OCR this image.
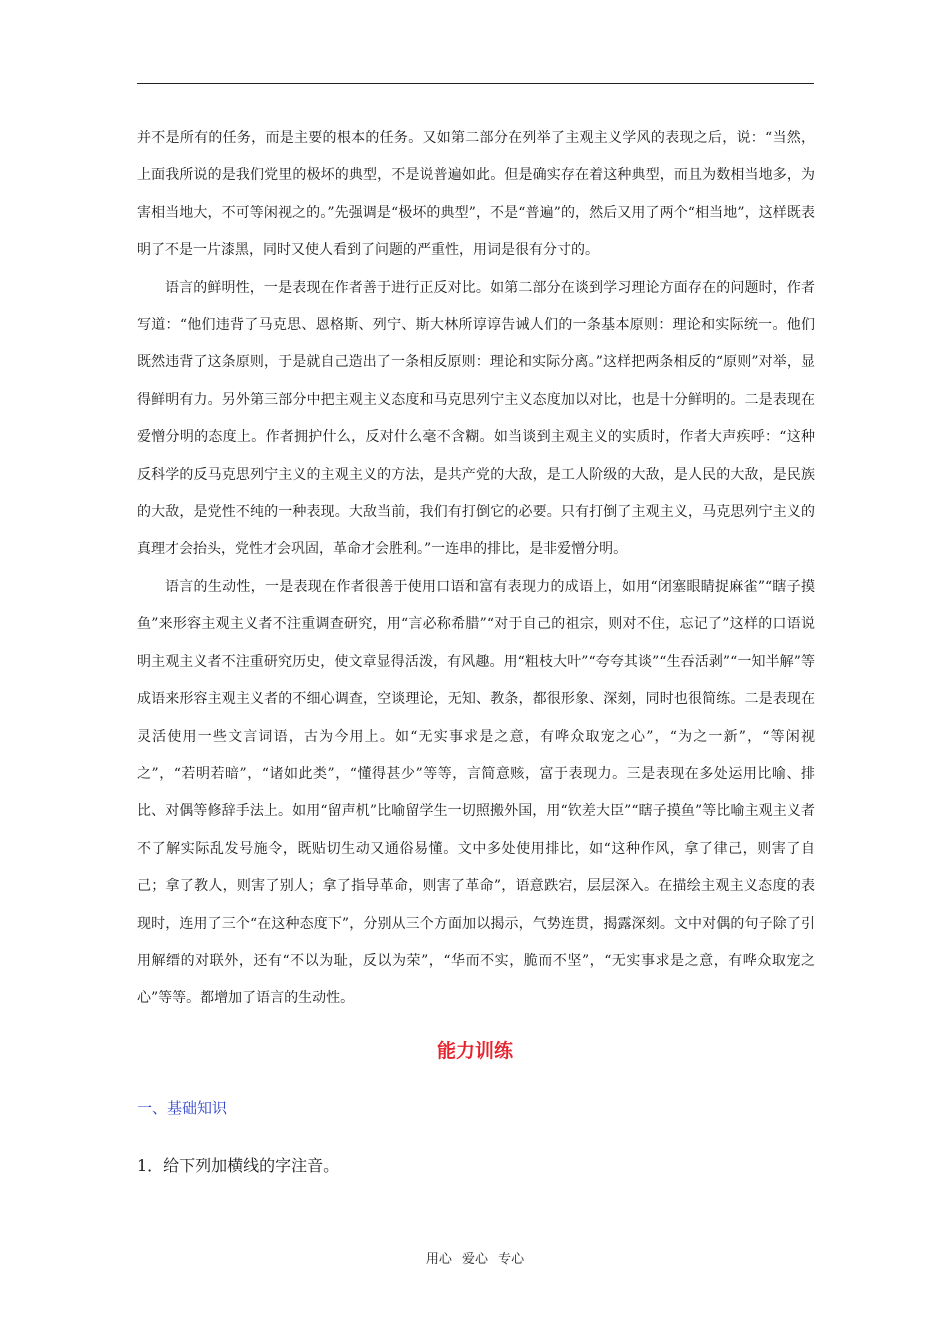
并不是所有的任务，而是主要的根本的任务。又如第二部分在列举了主观主义学风的表现之后，说：“当然，上面我所说的是我们党里的极坏的典型，不是说普遍如此。但是确实存在着这种典型，而且为数相当地多，为害相当地大，不可等闲视之的。”先强调是“极坏的典型”，不是“普遍”的，然后又用了两个“相当地”，这样既表明了不是一片漆黑，同时又使人看到了问题的严重性，用词是很有分寸的。

语言的鲜明性，一是表现在作者善于进行正反对比。如第二部分在谈到学习理论方面存在的问题时，作者写道：“他们违背了马克思、恩格斯、列宁、斯大林所谆谆告诫人们的一条基本原则：理论和实际统一。他们既然违背了这条原则，于是就自己造出了一条相反原则：理论和实际分离。”这样把两条相反的“原则”对举，显得鲜明有力。另外第三部分中把主观主义态度和马克思列宁主义态度加以对比，也是十分鲜明的。二是表现在爱憎分明的态度上。作者拥护什么，反对什么毫不含糊。如当谈到主观主义的实质时，作者大声疾呼：“这种反科学的反马克思列宁主义的主观主义的方法，是共产党的大敌，是工人阶级的大敌，是人民的大敌，是民族的大敌，是党性不纯的一种表现。大敌当前，我们有打倒它的必要。只有打倒了主观主义，马克思列宁主义的真理才会抬头，党性才会巩固，革命才会胜利。”一连串的排比，是非爱憎分明。

语言的生动性，一是表现在作者很善于使用口语和富有表现力的成语上，如用“闭塞眼睛捉麻雀”“瞎子摸鱼”来形容主观主义者不注重调查研究，用“言必称希腊”“对于自己的祖宗，则对不住，忘记了”这样的口语说明主观主义者不注重研究历史，使文章显得活泼，有风趣。用“粗枝大叶”“夸夸其谈”“生吞活剥”“一知半解”等成语来形容主观主义者的不细心调查，空谈理论，无知、教条，都很形象、深刻，同时也很简练。二是表现在灵活使用一些文言词语，古为今用上。如“无实事求是之意，有哗众取宠之心”，“为之一新”，“等闲视之”，“若明若暗”，“诸如此类”，“懂得甚少”等等，言简意赅，富于表现力。三是表现在多处运用比喻、排比、对偶等修辞手法上。如用“留声机”比喻留学生一切照搬外国，用“钦差大臣”“瞎子摸鱼”等比喻主观主义者不了解实际乱发号施令，既贴切生动又通俗易懂。文中多处使用排比，如“这种作风，拿了律己，则害了自己；拿了教人，则害了别人；拿了指导革命，则害了革命”，语意跌宕，层层深入。在描绘主观主义态度的表现时，连用了三个“在这种态度下”，分别从三个方面加以揭示，气势连贯，揭露深刻。文中对偶的句子除了引用解缙的对联外，还有“不以为耻，反以为荣”，“华而不实，脆而不坚”，“无实事求是之意，有哗众取宠之心”等等。都增加了语言的生动性。

能力训练
一、基础知识
1．给下列加横线的字注音。
用心 爱心 专心
